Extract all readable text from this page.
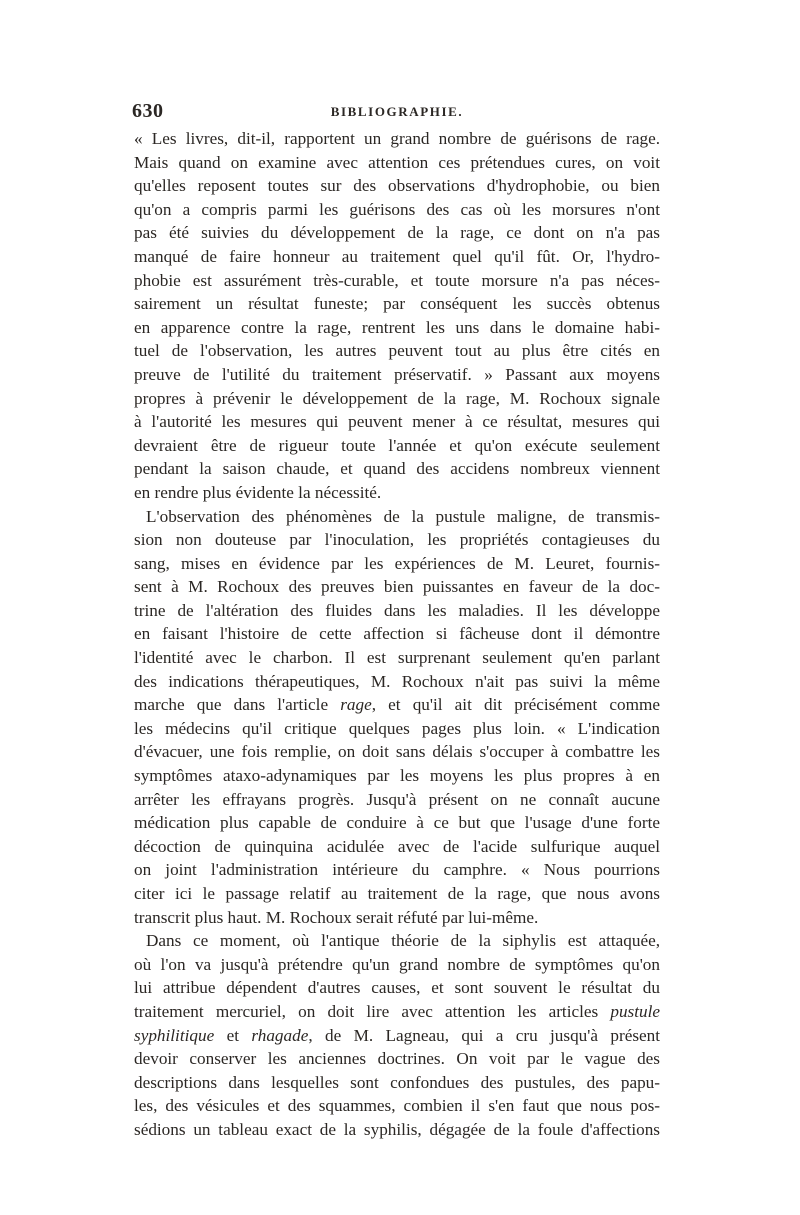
630	BIBLIOGRAPHIE.
« Les livres, dit-il, rapportent un grand nombre de guérisons de rage.
Mais quand on examine avec attention ces prétendues cures, on voit
qu'elles reposent toutes sur des observations d'hydrophobie, ou bien
qu'on a compris parmi les guérisons des cas où les morsures n'ont
pas été suivies du développement de la rage, ce dont on n'a pas
manqué de faire honneur au traitement quel qu'il fût. Or, l'hydro-
phobie est assurément très-curable, et toute morsure n'a pas néces-
sairement un résultat funeste; par conséquent les succès obtenus
en apparence contre la rage, rentrent les uns dans le domaine habi-
tuel de l'observation, les autres peuvent tout au plus être cités en
preuve de l'utilité du traitement préservatif. » Passant aux moyens
propres à prévenir le développement de la rage, M. Rochoux signale
à l'autorité les mesures qui peuvent mener à ce résultat, mesures qui
devraient être de rigueur toute l'année et qu'on exécute seulement
pendant la saison chaude, et quand des accidens nombreux viennent
en rendre plus évidente la nécessité.
L'observation des phénomènes de la pustule maligne, de transmis-
sion non douteuse par l'inoculation, les propriétés contagieuses du
sang, mises en évidence par les expériences de M. Leuret, fournis-
sent à M. Rochoux des preuves bien puissantes en faveur de la doc-
trine de l'altération des fluides dans les maladies. Il les développe
en faisant l'histoire de cette affection si fâcheuse dont il démontre
l'identité avec le charbon. Il est surprenant seulement qu'en parlant
des indications thérapeutiques, M. Rochoux n'ait pas suivi la même
marche que dans l'article rage, et qu'il ait dit précisément comme
les médecins qu'il critique quelques pages plus loin. « L'indication
d'évacuer, une fois remplie, on doit sans délais s'occuper à combattre les
symptômes ataxo-adynamiques par les moyens les plus propres à en
arrêter les effrayans progrès. Jusqu'à présent on ne connaît aucune
médication plus capable de conduire à ce but que l'usage d'une forte
décoction de quinquina acidulée avec de l'acide sulfurique auquel
on joint l'administration intérieure du camphre. « Nous pourrions
citer ici le passage relatif au traitement de la rage, que nous avons
transcrit plus haut. M. Rochoux serait réfuté par lui-même.
Dans ce moment, où l'antique théorie de la siphylis est attaquée,
où l'on va jusqu'à prétendre qu'un grand nombre de symptômes qu'on
lui attribue dépendent d'autres causes, et sont souvent le résultat du
traitement mercuriel, on doit lire avec attention les articles pustule
syphilitique et rhagade, de M. Lagneau, qui a cru jusqu'à présent
devoir conserver les anciennes doctrines. On voit par le vague des
descriptions dans lesquelles sont confondues des pustules, des papu-
les, des vésicules et des squammes, combien il s'en faut que nous pos-
sédions un tableau exact de la syphilis, dégagée de la foule d'affections
